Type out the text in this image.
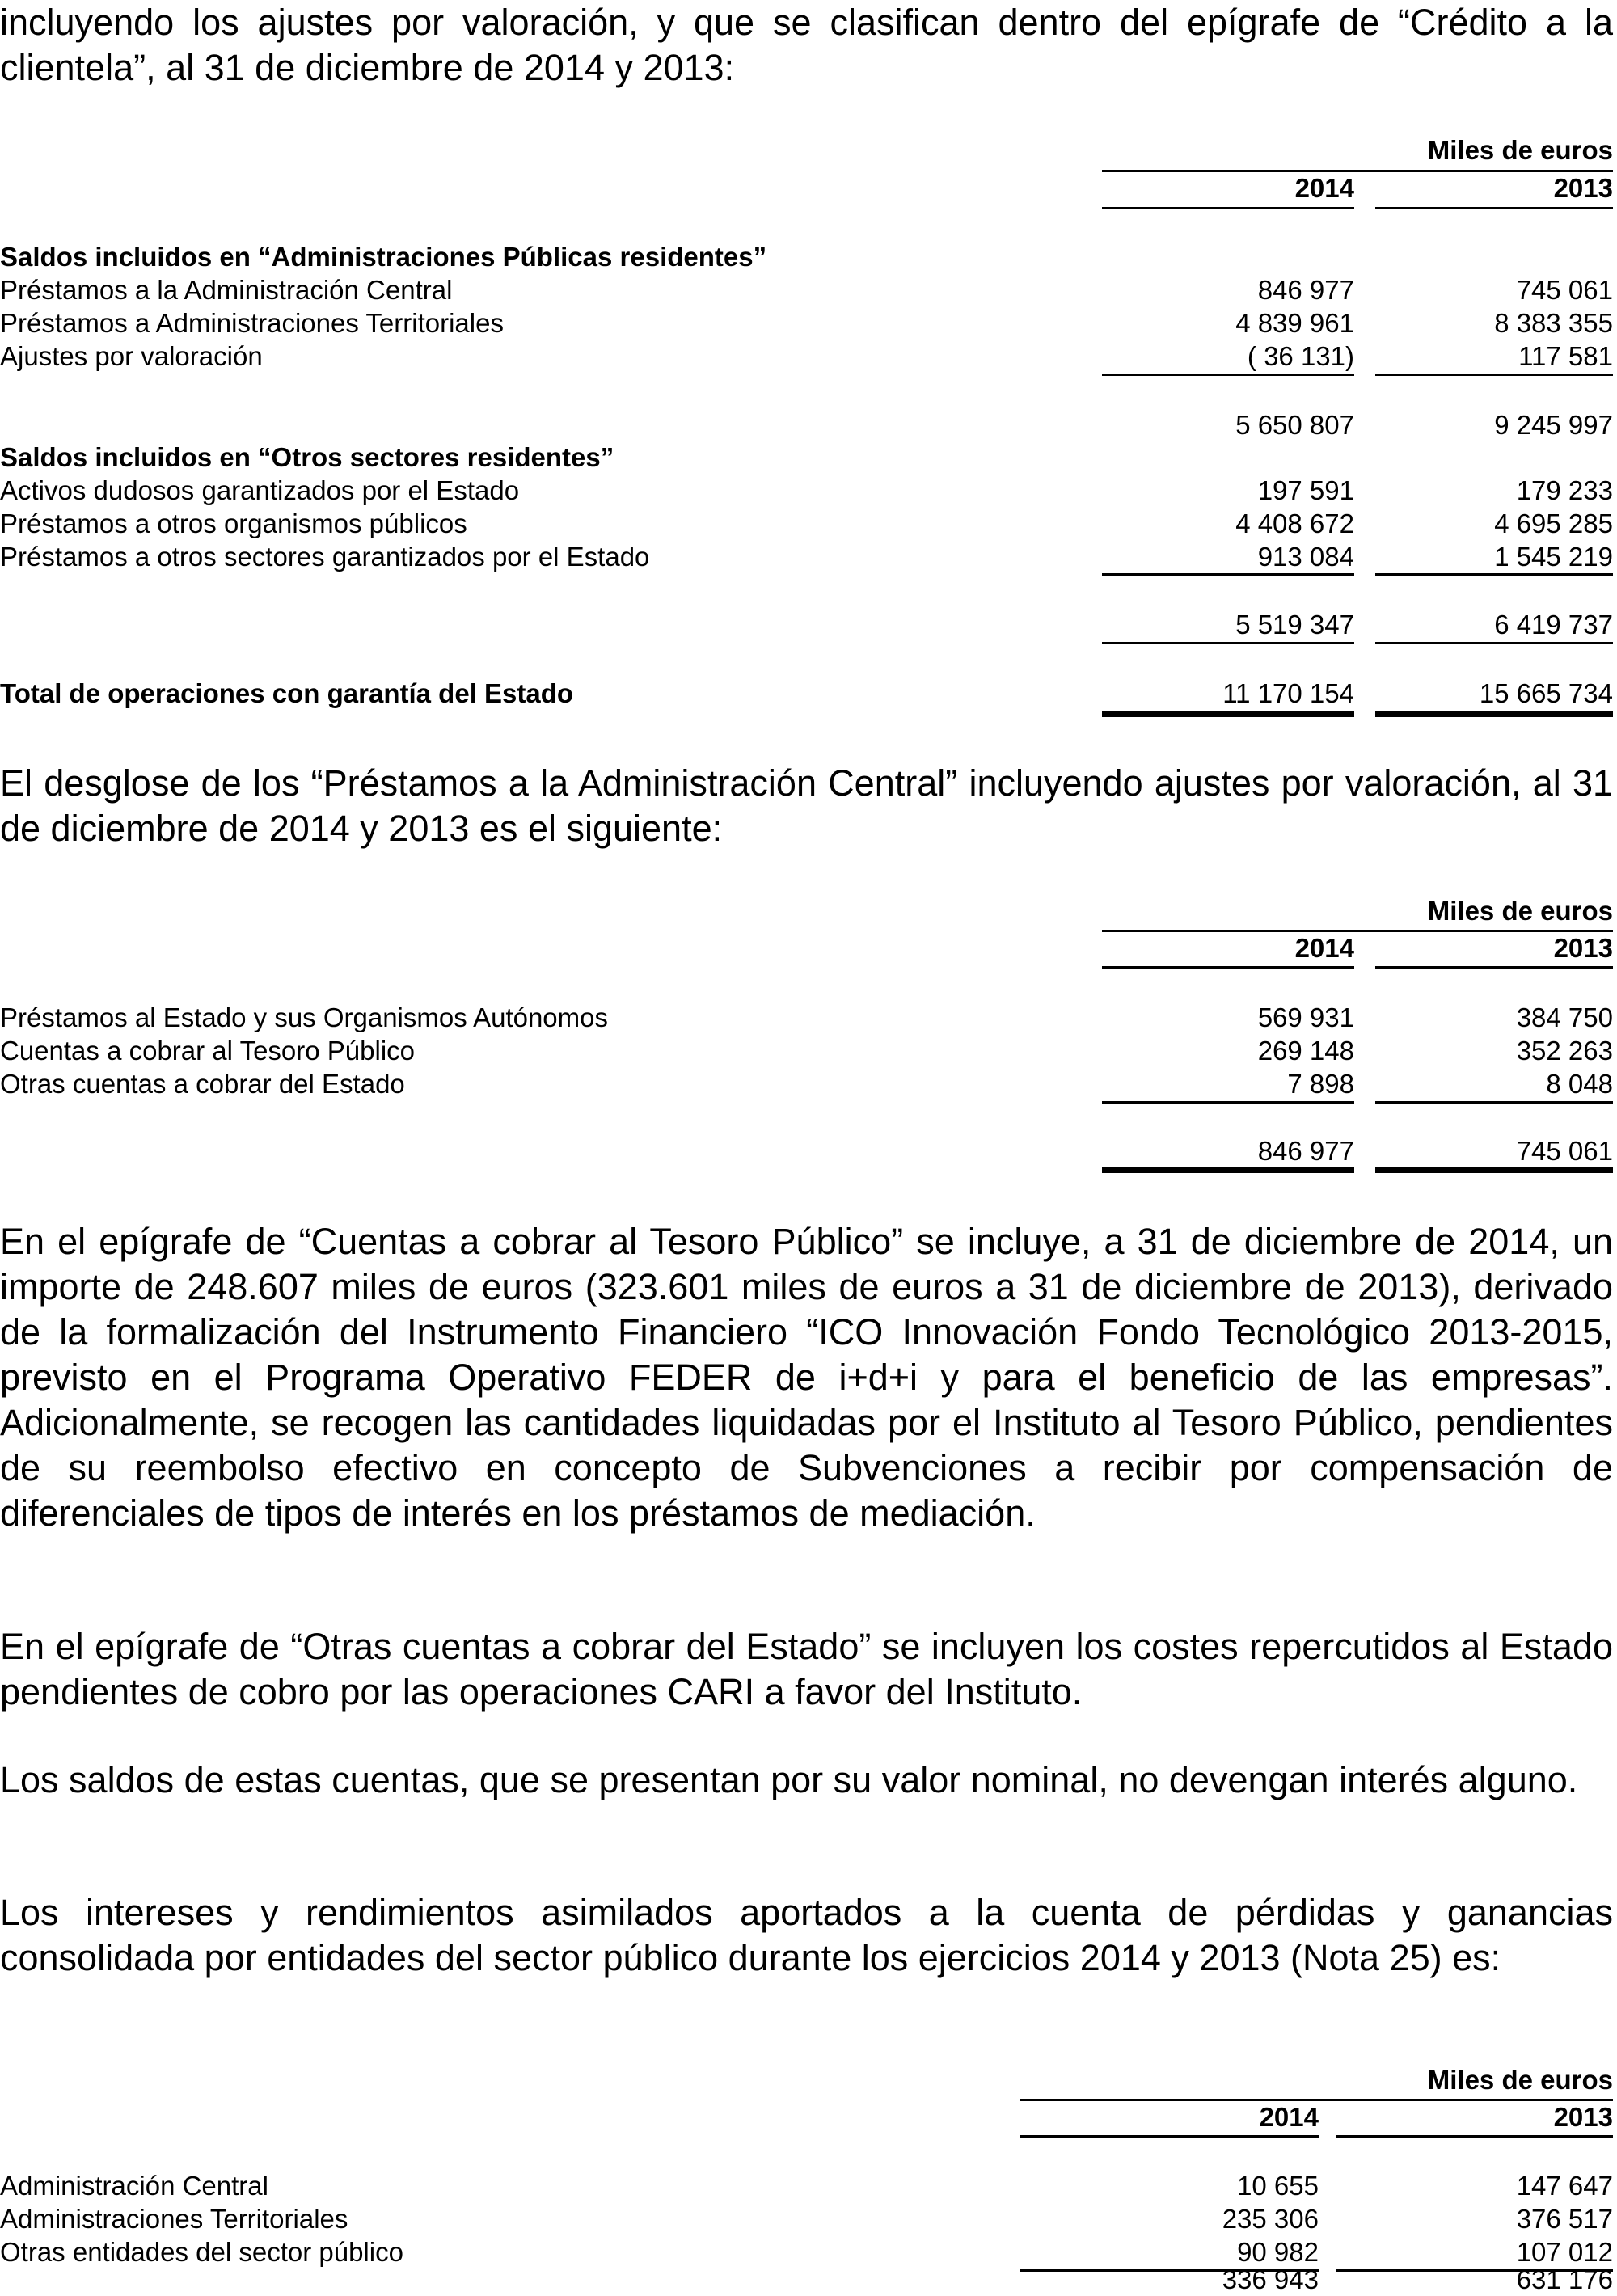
incluyendo los ajustes por valoración, y que se clasifican dentro del epígrafe de “Crédito a la clientela”, al 31 de diciembre de 2014 y 2013:

Miles de euros
2014	2013
Saldos incluidos en “Administraciones Públicas residentes”
Préstamos a la Administración Central	846 977	745 061
Préstamos a Administraciones Territoriales	4 839 961	8 383 355
Ajustes por valoración	( 36 131)	117 581
5 650 807	9 245 997
Saldos incluidos en “Otros sectores residentes”
Activos dudosos garantizados por el Estado	197 591	179 233
Préstamos a otros organismos públicos	4 408 672	4 695 285
Préstamos a otros sectores garantizados por el Estado	913 084	1 545 219
5 519 347	6 419 737
Total de operaciones con garantía del Estado	11 170 154	15 665 734

El desglose de los “Préstamos a la Administración Central” incluyendo ajustes por valoración, al 31 de diciembre de 2014 y 2013 es el siguiente:

Miles de euros
2014	2013
Préstamos al Estado y sus Organismos Autónomos	569 931	384 750
Cuentas a cobrar al Tesoro Público	269 148	352 263
Otras cuentas a cobrar del Estado	7 898	8 048
846 977	745 061

En el epígrafe de “Cuentas a cobrar al Tesoro Público” se incluye, a 31 de diciembre de 2014, un importe de 248.607 miles de euros (323.601 miles de euros a 31 de diciembre de 2013), derivado de la formalización del Instrumento Financiero “ICO Innovación Fondo Tecnológico 2013-2015, previsto en el Programa Operativo FEDER de i+d+i y para el beneficio de las empresas”. Adicionalmente, se recogen las cantidades liquidadas por el Instituto al Tesoro Público, pendientes de su reembolso efectivo en concepto de Subvenciones a recibir por compensación de diferenciales de tipos de interés en los préstamos de mediación.

En el epígrafe de “Otras cuentas a cobrar del Estado” se incluyen los costes repercutidos al Estado pendientes de cobro por las operaciones CARI a favor del Instituto.

Los saldos de estas cuentas, que se presentan por su valor nominal, no devengan interés alguno.

Los intereses y rendimientos asimilados aportados a la cuenta de pérdidas y ganancias consolidada por entidades del sector público durante los ejercicios 2014 y 2013 (Nota 25) es:

Miles de euros
2014	2013
Administración Central	10 655	147 647
Administraciones Territoriales	235 306	376 517
Otras entidades del sector público	90 982	107 012
336 943	631 176
